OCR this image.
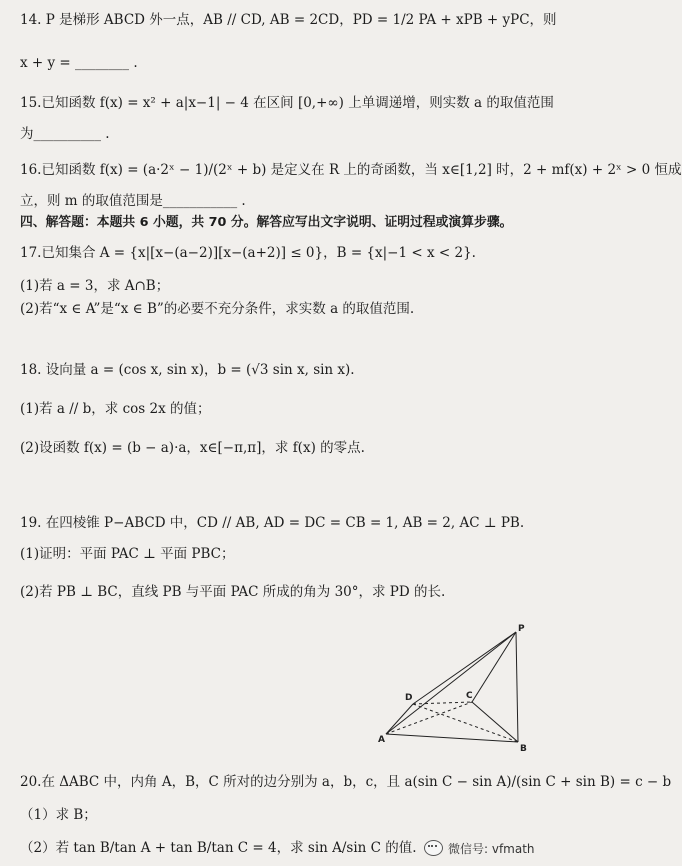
14. P 是梯形 ABCD 外一点，AB // CD, AB = 2CD，PD = 1/2 PA + xPB + yPC，则
x + y = ________ .
15.已知函数 f(x) = x² + a|x−1| − 4 在区间 [0,+∞) 上单调递增，则实数 a 的取值范围
为__________ .
16.已知函数 f(x) = (a·2ˣ − 1)/(2ˣ + b) 是定义在 R 上的奇函数，当 x∈[1,2] 时，2 + mf(x) + 2ˣ > 0 恒成
立，则 m 的取值范围是___________ .
四、解答题：本题共 6 小题，共 70 分。解答应写出文字说明、证明过程或演算步骤。
17.已知集合 A = {x|[x−(a−2)][x−(a+2)] ≤ 0}，B = {x|−1 < x < 2}.
(1)若 a = 3，求 A∩B；
(2)若“x ∈ A”是“x ∈ B”的必要不充分条件，求实数 a 的取值范围.
18. 设向量 a = (cos x, sin x)，b = (√3 sin x, sin x).
(1)若 a // b，求 cos 2x 的值；
(2)设函数 f(x) = (b − a)·a，x∈[−π,π]，求 f(x) 的零点.
19. 在四棱锥 P−ABCD 中，CD // AB, AD = DC = CB = 1, AB = 2, AC ⊥ PB.
(1)证明：平面 PAC ⊥ 平面 PBC；
(2)若 PB ⊥ BC，直线 PB 与平面 PAC 所成的角为 30°，求 PD 的长.
P
D	C
A
B
20.在 ΔABC 中，内角 A，B，C 所对的边分别为 a，b，c，且 a(sin C − sin A)/(sin C + sin B) = c − b
（1）求 B；
（2）若 tan B/tan A + tan B/tan C = 4，求 sin A/sin C 的值.	微信号: vfmath
